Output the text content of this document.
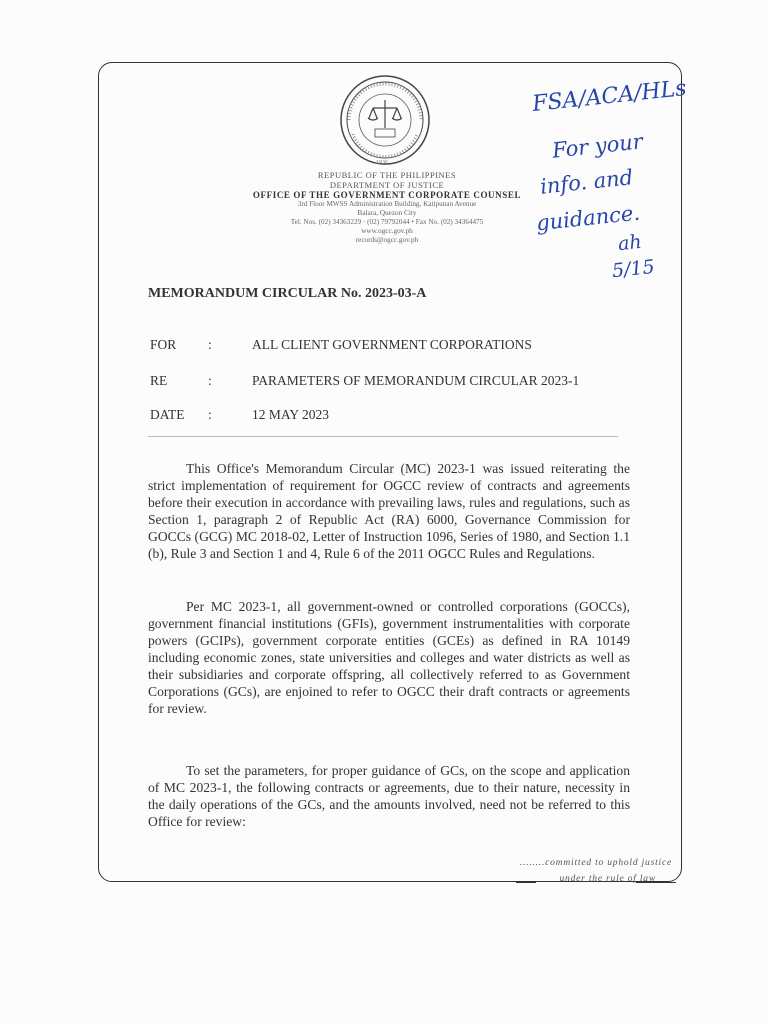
1936
REPUBLIC OF THE PHILIPPINES
DEPARTMENT OF JUSTICE
OFFICE OF THE GOVERNMENT CORPORATE COUNSEL
3rd Floor MWSS Administration Building, Katipunan Avenue
Balara, Quezon City
Tel. Nos. (02) 34363229 · (02) 79792044 • Fax No. (02) 34364475
www.ogcc.gov.ph
records@ogcc.gov.ph
FSA/ACA/HLs
For your
info. and
guidance.
ah
5/15
MEMORANDUM CIRCULAR No. 2023-03-A
FOR	:	ALL CLIENT GOVERNMENT CORPORATIONS
RE	:	PARAMETERS OF MEMORANDUM CIRCULAR 2023-1
DATE	:	12 MAY 2023
This Office's Memorandum Circular (MC) 2023-1 was issued reiterating the strict implementation of requirement for OGCC review of contracts and agreements before their execution in accordance with prevailing laws, rules and regulations, such as Section 1, paragraph 2 of Republic Act (RA) 6000, Governance Commission for GOCCs (GCG) MC 2018-02, Letter of Instruction 1096, Series of 1980, and Section 1.1 (b), Rule 3 and Section 1 and 4, Rule 6 of the 2011 OGCC Rules and Regulations.
Per MC 2023-1, all government-owned or controlled corporations (GOCCs), government financial institutions (GFIs), government instrumentalities with corporate powers (GCIPs), government corporate entities (GCEs) as defined in RA 10149 including economic zones, state universities and colleges and water districts as well as their subsidiaries and corporate offspring, all collectively referred to as Government Corporations (GCs), are enjoined to refer to OGCC their draft contracts or agreements for review.
To set the parameters, for proper guidance of GCs, on the scope and application of MC 2023-1, the following contracts or agreements, due to their nature, necessity in the daily operations of the GCs, and the amounts involved, need not be referred to this Office for review:
........committed to uphold justice
under the rule of law
